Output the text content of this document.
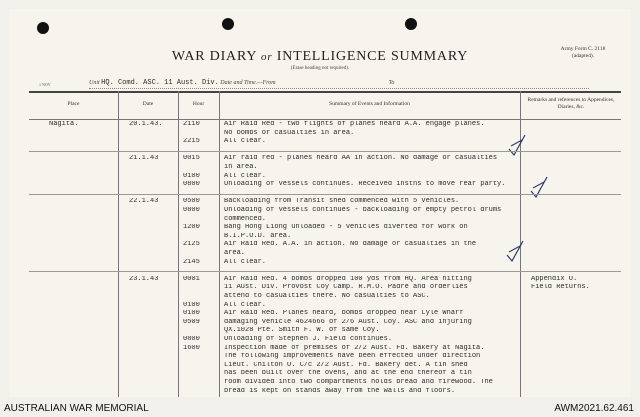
WAR DIARY or INTELLIGENCE SUMMARY
(Erase heading not required).
Army Form C. 2118
(adapted).
1 NOV	Unit HQ. Comd. ASC. 11 Aust. Div. Date and Time.—From	To
Place	Date	Hour	Summary of Events and Information
Remarks and references to Appendices, Diaries, &c.
Nagita.	20.1.43.	2110	Air Raid Red - two flights of planes heard A.A. engage planes.
No bombs or casualties in area.
2215	All clear.
21.1.43	0015	Air raid red - planes heard AA in action. No damage or casualties
in area.
0100	All clear.
0800	Unloading of vessels continues. Received instns to move rear party.
22.1.43	0500	Backloading from Transit shed commenced with 5 vehicles.
0800	Unloading of vessels continues - backloading of empty petrol drums
commenced.
1200	Bang Hong Liong unloaded - 5 vehicles diverted for work on
B.I.P.O.D. area.
2125	Air Raid Red. A.A. in action. No damage or casualties in the
area.
2145	All clear.
23.1.43	0001	Air Raid Red. 4 bombs dropped 100 yds from HQ. Area hitting	Appendix O.
11 Aust. Div. Provost Coy Camp. R.M.O. Padre and orderlies	Field Returns.
attend to casualties there. No casualties to ASC.
0100	All clear.
0100	Air Raid Red. Planes heard, bombs dropped near Lyle Wharf
0509	damaging vehicle 4624666 of 2/6 Aust. Coy. ASC and injuring
QX.1028 Pte. Smith F. W. of same Coy.
0800	Unloading of Stephen J. Field continues.
1600	Inspection made of premises of 2/2 Aust. Fd. Bakery at Nagita.
The following improvements have been effected under direction
Lieut. Chilton O. C/c 2/2 Aust. Fd. Bakery det. A tin shed
has been built over the ovens, and at the end thereof a tin
room divided into two compartments holds bread and firewood. The
bread is kept on stands away from the walls and floors.
AUSTRALIAN WAR MEMORIAL	AWM2021.62.461
